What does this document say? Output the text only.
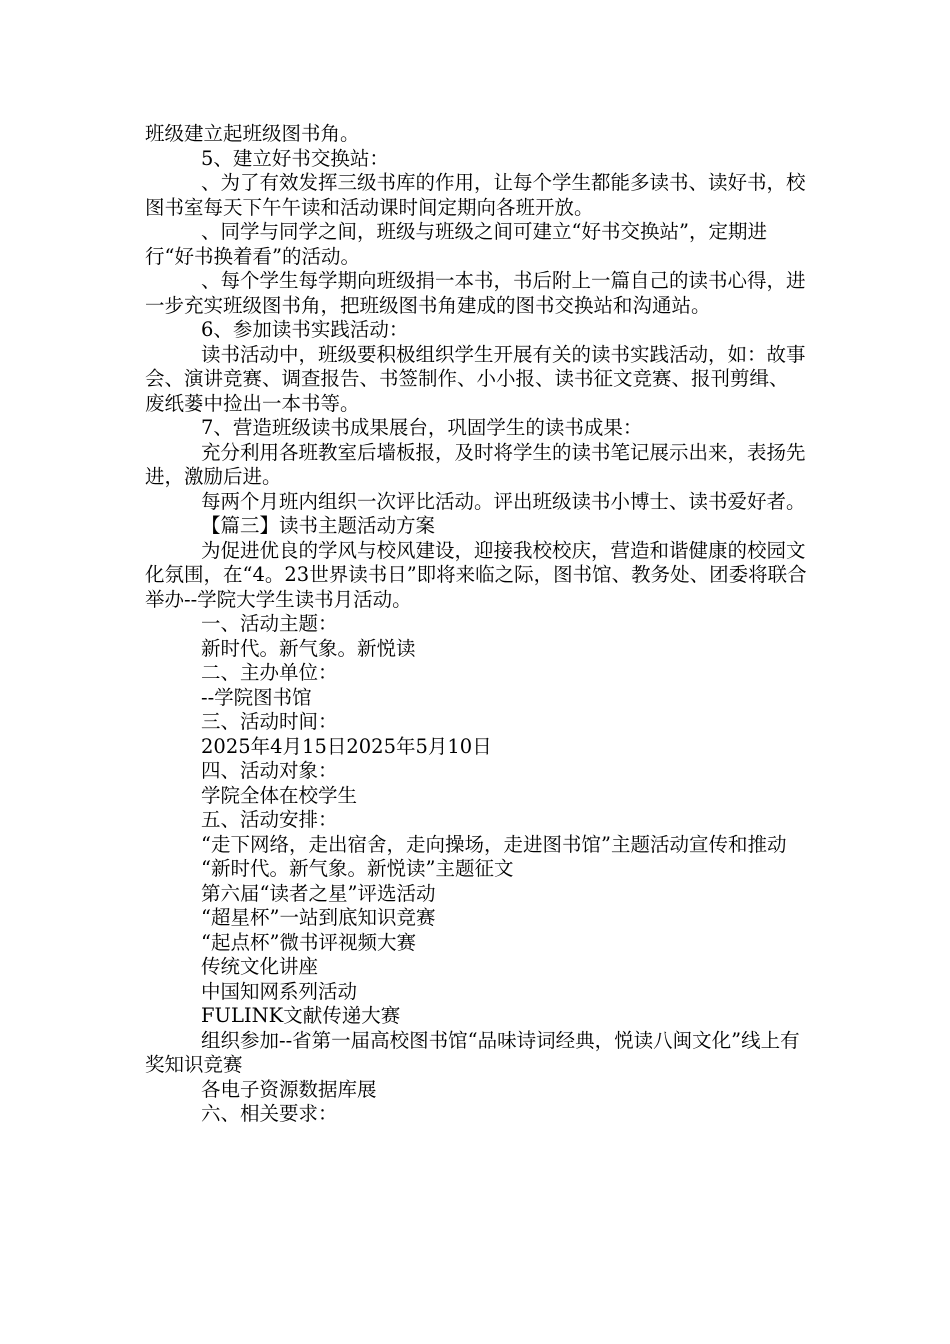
班级建立起班级图书角。

5、建立好书交换站：

、为了有效发挥三级书库的作用，让每个学生都能多读书、读好书，校图书室每天下午午读和活动课时间定期向各班开放。

、同学与同学之间，班级与班级之间可建立“好书交换站”，定期进行“好书换着看”的活动。

、每个学生每学期向班级捐一本书，书后附上一篇自己的读书心得，进一步充实班级图书角，把班级图书角建成的图书交换站和沟通站。

6、参加读书实践活动：

读书活动中，班级要积极组织学生开展有关的读书实践活动，如：故事会、演讲竞赛、调查报告、书签制作、小小报、读书征文竞赛、报刊剪缉、废纸蒌中捡出一本书等。

7、营造班级读书成果展台，巩固学生的读书成果：

充分利用各班教室后墙板报，及时将学生的读书笔记展示出来，表扬先进，激励后进。

每两个月班内组织一次评比活动。评出班级读书小博士、读书爱好者。

【篇三】读书主题活动方案

为促进优良的学风与校风建设，迎接我校校庆，营造和谐健康的校园文化氛围，在“4。23世界读书日”即将来临之际，图书馆、教务处、团委将联合举办--学院大学生读书月活动。

一、活动主题：

新时代。新气象。新悦读

二、主办单位：

--学院图书馆

三、活动时间：

2025年4月15日2025年5月10日

四、活动对象：

学院全体在校学生

五、活动安排：

“走下网络，走出宿舍，走向操场，走进图书馆”主题活动宣传和推动

“新时代。新气象。新悦读”主题征文

第六届“读者之星”评选活动

“超星杯”一站到底知识竞赛

“起点杯”微书评视频大赛

传统文化讲座

中国知网系列活动

FULINK文献传递大赛

组织参加--省第一届高校图书馆“品味诗词经典，悦读八闽文化”线上有奖知识竞赛

各电子资源数据库展

六、相关要求：
